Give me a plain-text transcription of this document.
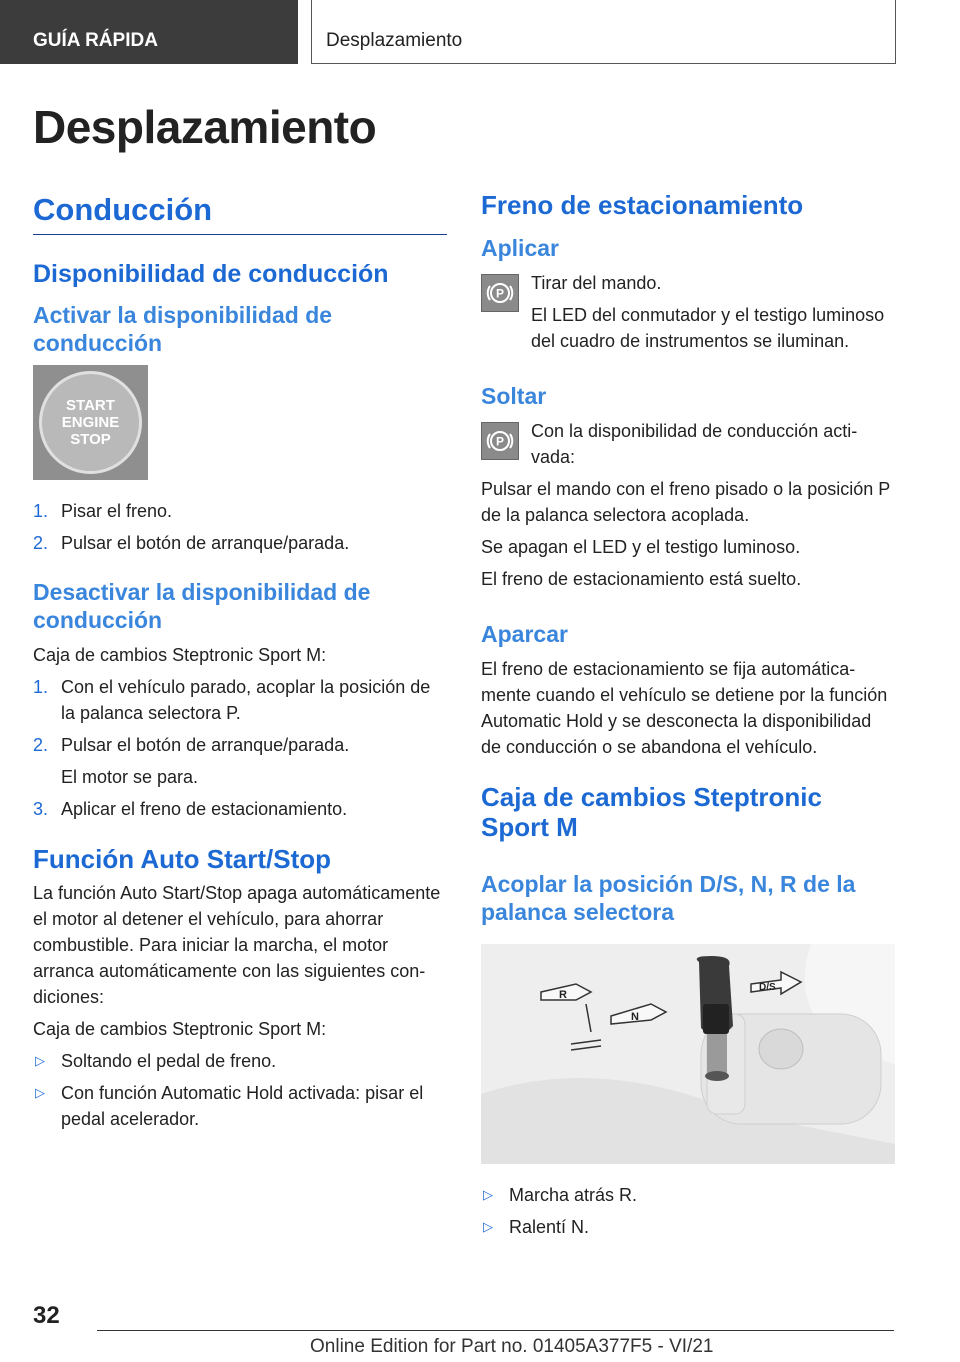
GUÍA RÁPIDA	Desplazamiento
Desplazamiento
Conducción
Disponibilidad de conducción
Activar la disponibilidad de conducción
START
ENGINE
STOP
1. Pisar el freno.
2. Pulsar el botón de arranque/parada.
Desactivar la disponibilidad de conducción
Caja de cambios Steptronic Sport M:
1. Con el vehículo parado, acoplar la posición de la palanca selectora P.
2. Pulsar el botón de arranque/parada.
El motor se para.
3. Aplicar el freno de estacionamiento.
Función Auto Start/Stop
La función Auto Start/Stop apaga automáticamente el motor al detener el vehículo, para ahorrar combustible. Para iniciar la marcha, el motor arranca automáticamente con las siguientes condiciones:
Caja de cambios Steptronic Sport M:
▷ Soltando el pedal de freno.
▷ Con función Automatic Hold activada: pisar el pedal acelerador.
Freno de estacionamiento
Aplicar
P
Tirar del mando.
El LED del conmutador y el testigo luminoso del cuadro de instrumentos se iluminan.
Soltar
P
Con la disponibilidad de conducción activada:
Pulsar el mando con el freno pisado o la posición P de la palanca selectora acoplada.
Se apagan el LED y el testigo luminoso.
El freno de estacionamiento está suelto.
Aparcar
El freno de estacionamiento se fija automáticamente cuando el vehículo se detiene por la función Automatic Hold y se desconecta la disponibilidad de conducción o se abandona el vehículo.
Caja de cambios Steptronic Sport M
Acoplar la posición D/S, N, R de la palanca selectora
R
N
D/S
▷ Marcha atrás R.
▷ Ralentí N.
32
Online Edition for Part no. 01405A377F5 - VI/21
